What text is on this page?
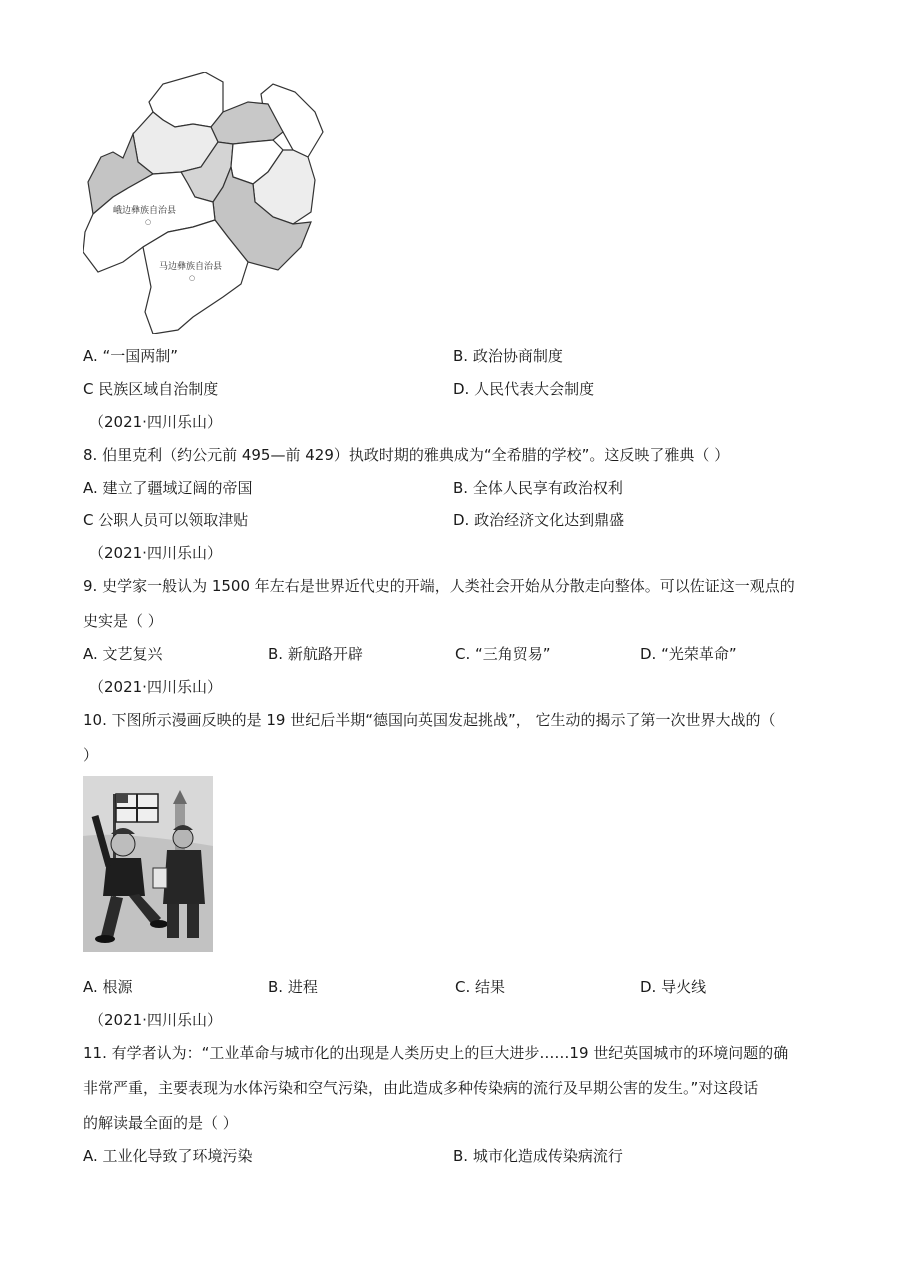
峨边彝族自治县
○
马边彝族自治县
○
A. “一国两制”	B. 政治协商制度
C 民族区域自治制度	D. 人民代表大会制度
（2021·四川乐山）
8. 伯里克利（约公元前 495—前 429）执政时期的雅典成为“全希腊的学校”。这反映了雅典（ ）
A. 建立了疆域辽阔的帝国	B. 全体人民享有政治权利
C 公职人员可以领取津贴	D. 政治经济文化达到鼎盛
（2021·四川乐山）
9. 史学家一般认为 1500 年左右是世界近代史的开端，人类社会开始从分散走向整体。可以佐证这一观点的
史实是（ ）
A. 文艺复兴	B. 新航路开辟	C. “三角贸易”	D. “光荣革命”
（2021·四川乐山）
10. 下图所示漫画反映的是 19 世纪后半期“德国向英国发起挑战”， 它生动的揭示了第一次世界大战的（
）
A. 根源	B. 进程	C. 结果	D. 导火线
（2021·四川乐山）
11. 有学者认为：“工业革命与城市化的出现是人类历史上的巨大进步……19 世纪英国城市的环境问题的确
非常严重，主要表现为水体污染和空气污染，由此造成多种传染病的流行及早期公害的发生。”对这段话
的解读最全面的是（ ）
A. 工业化导致了环境污染	B. 城市化造成传染病流行
